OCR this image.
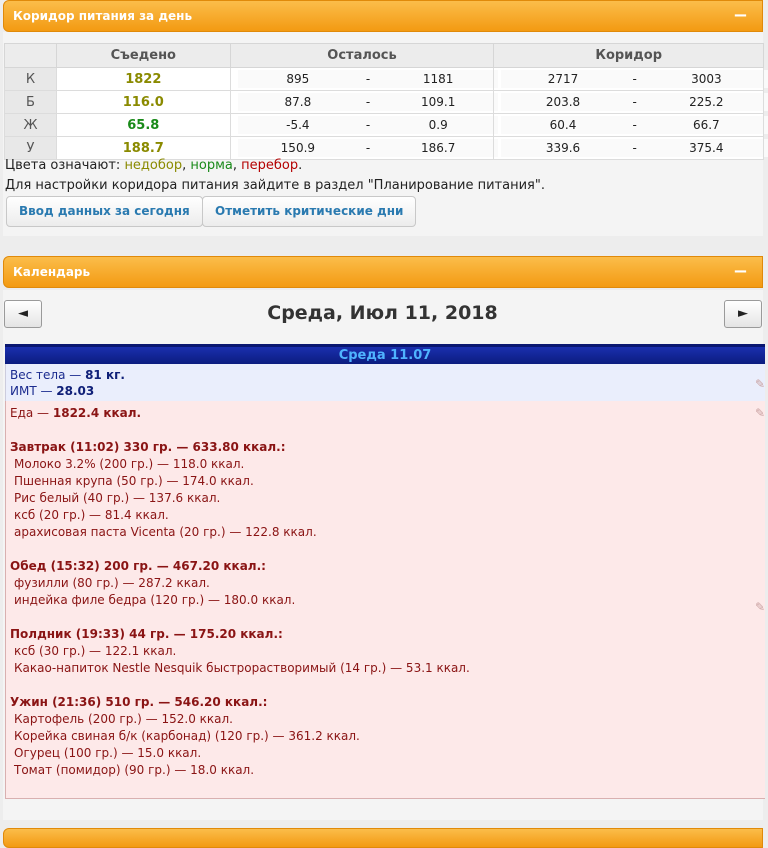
Коридор питания за день	−
	Съедено	Осталось	Коридор
К	1822	895 - 1181	2717 - 3003

Б	116.0	87.8 - 109.1	203.8 - 225.2

Ж	65.8	-5.4 - 0.9	60.4 - 66.7

У	188.7	150.9 - 186.7	339.6 - 375.4
Цвета означают: недобор, норма, перебор.
Для настройки коридора питания зайдите в раздел "Планирование питания".
Ввод данных за сегодня	Отметить критические дни
Календарь	−
◄	Среда, Июл 11, 2018	►
Среда 11.07
Вес тела — 81 кг.
ИМТ — 28.03	✎
Еда — 1822.4 ккал.	✎
✎
Завтрак (11:02) 330 гр. — 633.80 ккал.:
Молоко 3.2% (200 гр.) — 118.0 ккал.
Пшенная крупа (50 гр.) — 174.0 ккал.
Рис белый (40 гр.) — 137.6 ккал.
ксб (20 гр.) — 81.4 ккал.
арахисовая паста Vicenta (20 гр.) — 122.8 ккал.
Обед (15:32) 200 гр. — 467.20 ккал.:
фузилли (80 гр.) — 287.2 ккал.
индейка филе бедра (120 гр.) — 180.0 ккал.
Полдник (19:33) 44 гр. — 175.20 ккал.:
ксб (30 гр.) — 122.1 ккал.
Какао-напиток Nestle Nesquik быстрорастворимый (14 гр.) — 53.1 ккал.
Ужин (21:36) 510 гр. — 546.20 ккал.:
Картофель (200 гр.) — 152.0 ккал.
Корейка свиная б/к (карбонад) (120 гр.) — 361.2 ккал.
Огурец (100 гр.) — 15.0 ккал.
Томат (помидор) (90 гр.) — 18.0 ккал.
